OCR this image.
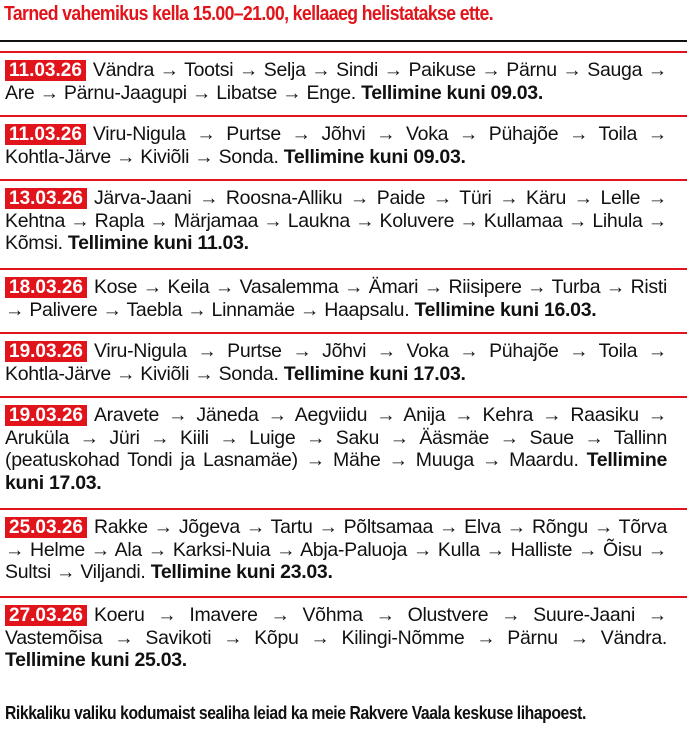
Tarned vahemikus kella 15.00–21.00, kellaaeg helistatakse ette.

11.03.26 Vändra → Tootsi → Selja → Sindi → Paikuse → Pärnu → Sauga → Are → Pärnu-Jaagupi → Libatse → Enge. Tellimine kuni 09.03.

11.03.26 Viru-Nigula → Purtse → Jõhvi → Voka → Pühajõe → Toila → Kohtla-Järve → Kiviõli → Sonda. Tellimine kuni 09.03.

13.03.26 Järva-Jaani → Roosna-Alliku → Paide → Türi → Käru → Lelle → Kehtna → Rapla → Märjamaa → Laukna → Koluvere → Kullamaa → Lihula → Kõmsi. Tellimine kuni 11.03.

18.03.26 Kose → Keila → Vasalemma → Ämari → Riisipere → Turba → Risti → Palivere → Taebla → Linnamäe → Haapsalu. Tellimine kuni 16.03.

19.03.26 Viru-Nigula → Purtse → Jõhvi → Voka → Pühajõe → Toila → Kohtla-Järve → Kiviõli → Sonda. Tellimine kuni 17.03.

19.03.26 Aravete → Jäneda → Aegviidu → Anija → Kehra → Raasiku → Aruküla → Jüri → Kiili → Luige → Saku → Ääsmäe → Saue → Tallinn (peatuskohad Tondi ja Lasnamäe) → Mähe → Muuga → Maardu. Tellimine kuni 17.03.

25.03.26 Rakke → Jõgeva → Tartu → Põltsamaa → Elva → Rõngu → Tõrva → Helme → Ala → Karksi-Nuia → Abja-Paluoja → Kulla → Halliste → Õisu → Sultsi → Viljandi. Tellimine kuni 23.03.

27.03.26 Koeru → Imavere → Võhma → Olustvere → Suure-Jaani → Vastemõisa → Savikoti → Kõpu → Kilingi-Nõmme → Pärnu → Vändra. Tellimine kuni 25.03.

Rikkaliku valiku kodumaist sealiha leiad ka meie Rakvere Vaala keskuse lihapoest.
